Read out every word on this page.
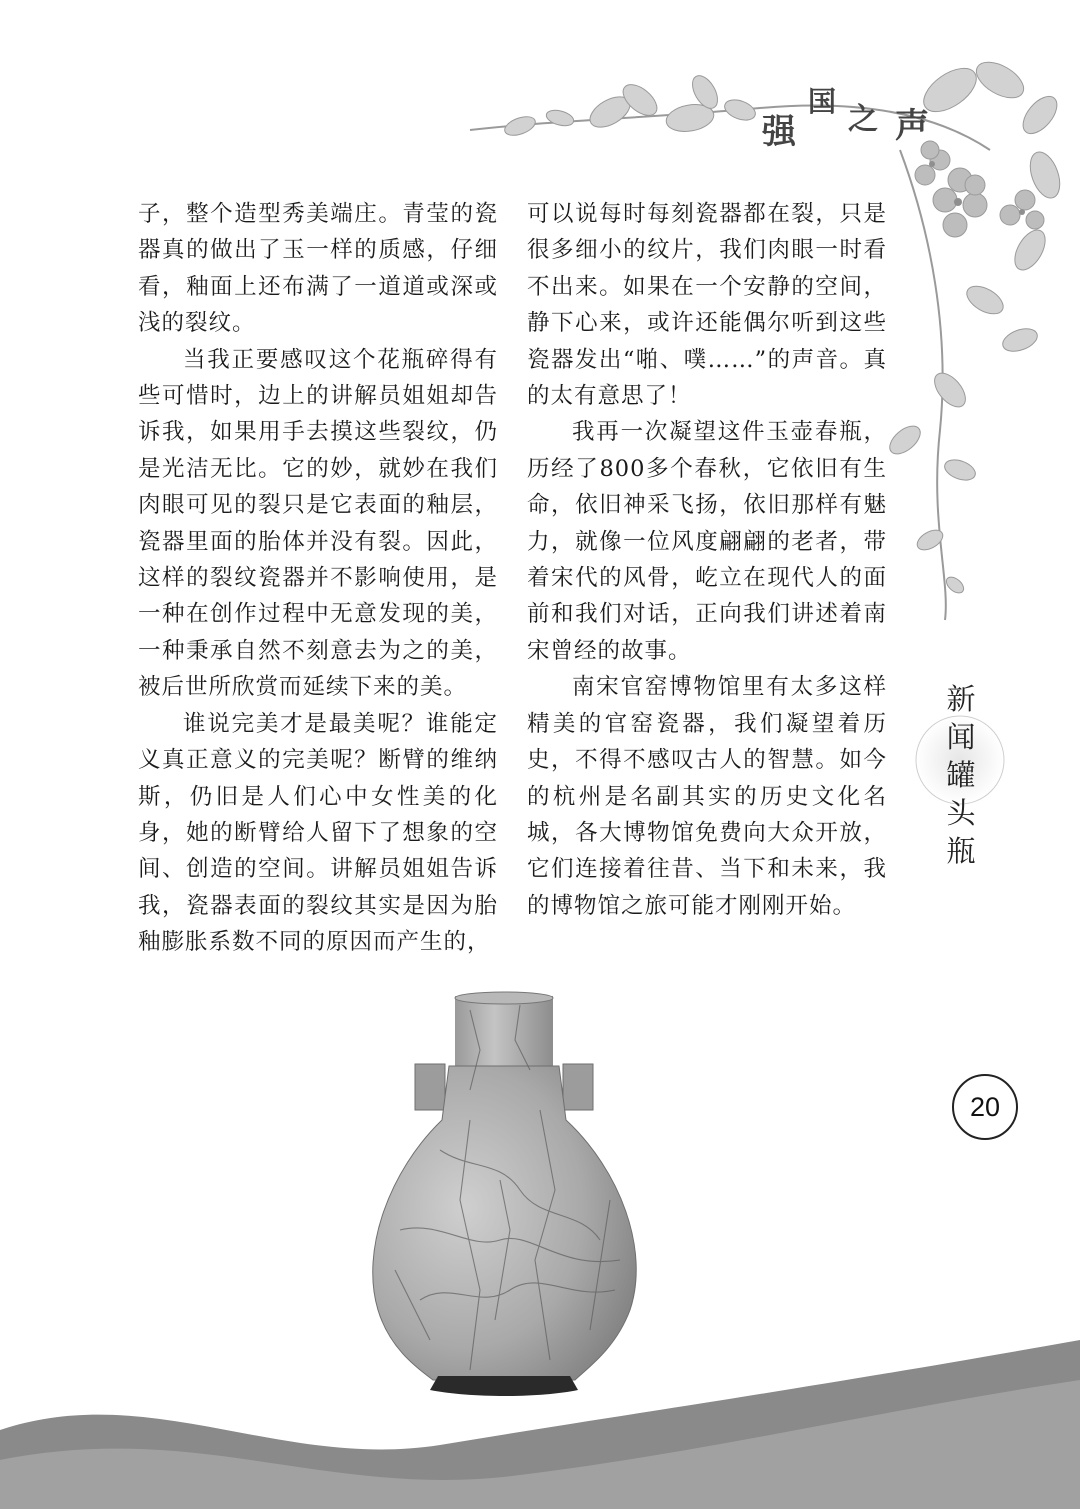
强
国
之 声

子，整个造型秀美端庄。青莹的瓷器真的做出了玉一样的质感，仔细看，釉面上还布满了一道道或深或浅的裂纹。

当我正要感叹这个花瓶碎得有些可惜时，边上的讲解员姐姐却告诉我，如果用手去摸这些裂纹，仍是光洁无比。它的妙，就妙在我们肉眼可见的裂只是它表面的釉层，瓷器里面的胎体并没有裂。因此，这样的裂纹瓷器并不影响使用，是一种在创作过程中无意发现的美，一种秉承自然不刻意去为之的美，被后世所欣赏而延续下来的美。

谁说完美才是最美呢？谁能定义真正意义的完美呢？断臂的维纳斯，仍旧是人们心中女性美的化身，她的断臂给人留下了想象的空间、创造的空间。讲解员姐姐告诉我，瓷器表面的裂纹其实是因为胎釉膨胀系数不同的原因而产生的，

可以说每时每刻瓷器都在裂，只是很多细小的纹片，我们肉眼一时看不出来。如果在一个安静的空间，静下心来，或许还能偶尔听到这些瓷器发出“啪、噗……”的声音。真的太有意思了！

我再一次凝望这件玉壶春瓶，历经了800多个春秋，它依旧有生命，依旧神采飞扬，依旧那样有魅力，就像一位风度翩翩的老者，带着宋代的风骨，屹立在现代人的面前和我们对话，正向我们讲述着南宋曾经的故事。

南宋官窑博物馆里有太多这样精美的官窑瓷器，我们凝望着历史，不得不感叹古人的智慧。如今的杭州是名副其实的历史文化名城，各大博物馆免费向大众开放，它们连接着往昔、当下和未来，我的博物馆之旅可能才刚刚开始。

新
闻
罐
头
瓶
20
